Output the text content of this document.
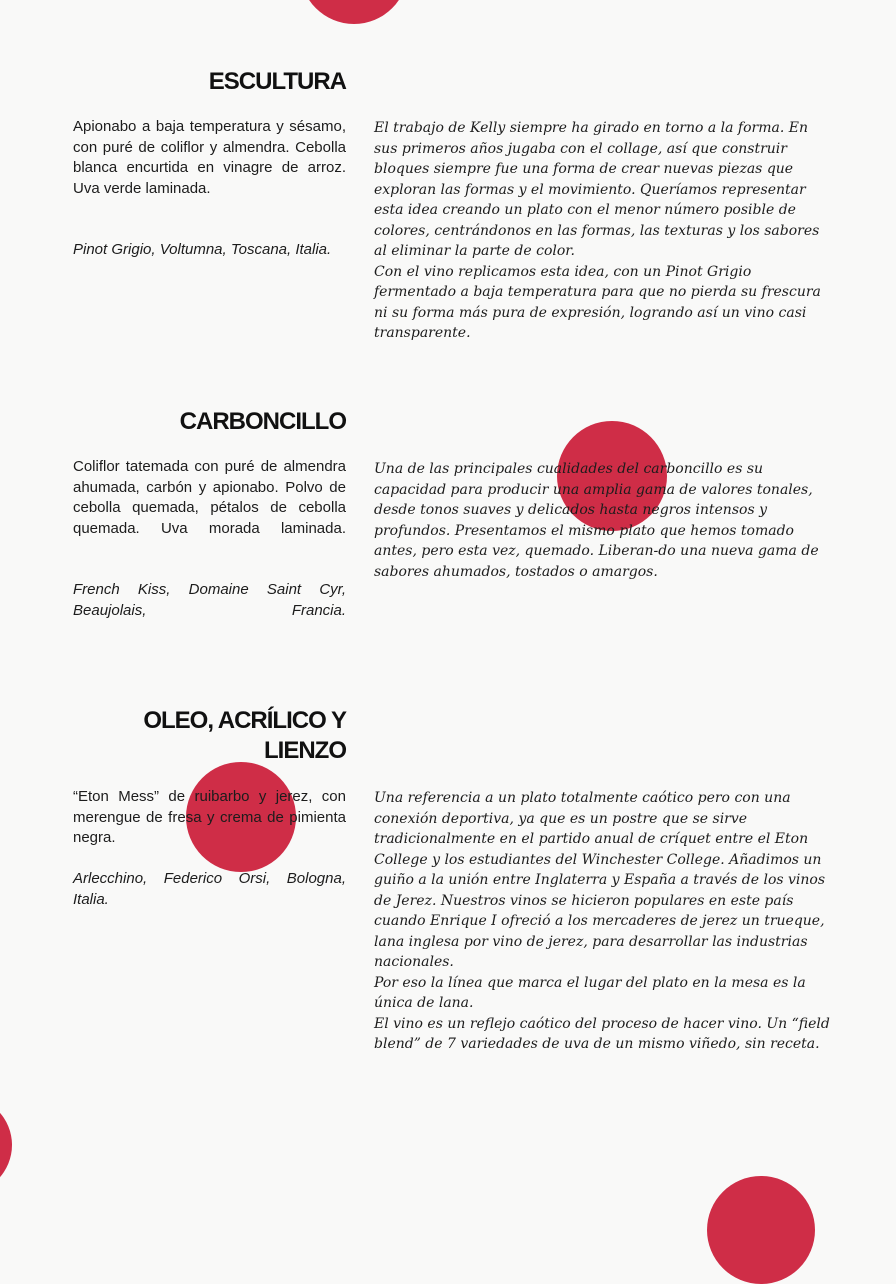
ESCULTURA
Apionabo a baja temperatura y sésamo, con puré de coliflor y almendra. Cebolla blanca encurtida en vinagre de arroz. Uva verde laminada.
Pinot Grigio, Voltumna, Toscana, Italia.

El trabajo de Kelly siempre ha girado en torno a la forma. En sus primeros años jugaba con el collage, así que construir bloques siempre fue una forma de crear nuevas piezas que exploran las formas y el movimiento. Queríamos representar esta idea creando un plato con el menor número posible de colores, centrándonos en las formas, las texturas y los sabores al eliminar la parte de color.

Con el vino replicamos esta idea, con un Pinot Grigio fermentado a baja temperatura para que no pierda su frescura ni su forma más pura de expresión, logrando así un vino casi transparente.

CARBONCILLO
Coliflor tatemada con puré de almendra ahumada, carbón y apionabo. Polvo de cebolla quemada, pétalos de cebolla quemada. Uva morada laminada.
French Kiss, Domaine Saint Cyr, Beaujolais, Francia.

Una de las principales cualidades del carboncillo es su capacidad para producir una amplia gama de valores tonales, desde tonos suaves y delicados hasta negros intensos y profundos. Presentamos el mismo plato que hemos tomado antes, pero esta vez, quemado. Liberan-do una nueva gama de sabores ahumados, tostados o amargos.

OLEO, ACRÍLICO Y
LIENZO
“Eton Mess” de ruibarbo y jerez, con merengue de fresa y crema de pimienta negra.
Arlecchino, Federico Orsi, Bologna, Italia.

Una referencia a un plato totalmente caótico pero con una conexión deportiva, ya que es un postre que se sirve tradicionalmente en el partido anual de críquet entre el Eton College y los estudiantes del Winchester College. Añadimos un guiño a la unión entre Inglaterra y España a través de los vinos de Jerez. Nuestros vinos se hicieron populares en este país cuando Enrique I ofreció a los mercaderes de jerez un trueque, lana inglesa por vino de jerez, para desarrollar las industrias nacionales.

Por eso la línea que marca el lugar del plato en la mesa es la única de lana.

El vino es un reflejo caótico del proceso de hacer vino. Un “field blend” de 7 variedades de uva de un mismo viñedo, sin receta.
